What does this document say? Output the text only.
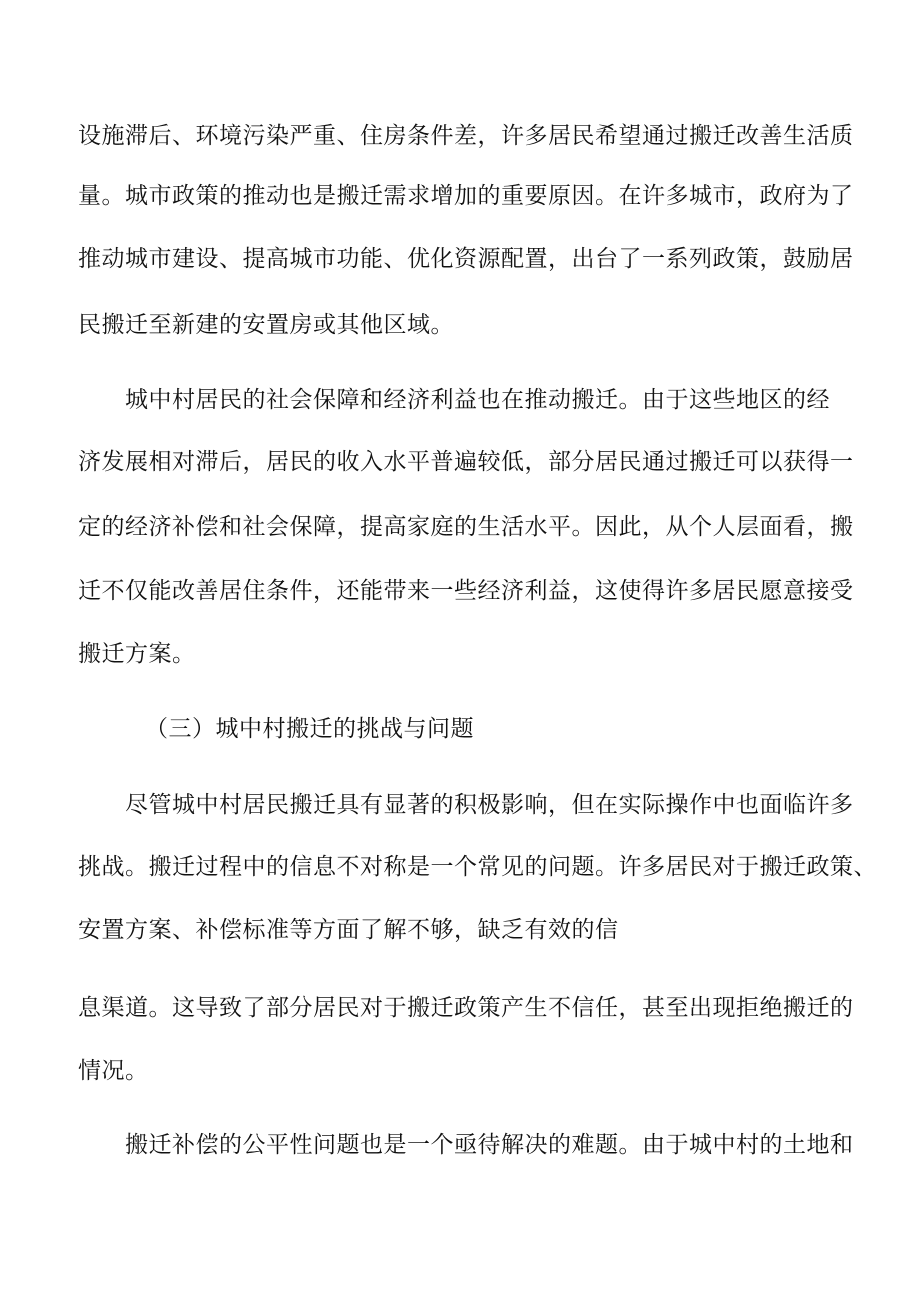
设施滞后、环境污染严重、住房条件差，许多居民希望通过搬迁改善生活质
量。城市政策的推动也是搬迁需求增加的重要原因。在许多城市，政府为了
推动城市建设、提高城市功能、优化资源配置，出台了一系列政策，鼓励居
民搬迁至新建的安置房或其他区域。
城中村居民的社会保障和经济利益也在推动搬迁。由于这些地区的经
济发展相对滞后，居民的收入水平普遍较低，部分居民通过搬迁可以获得一
定的经济补偿和社会保障，提高家庭的生活水平。因此，从个人层面看，搬
迁不仅能改善居住条件，还能带来一些经济利益，这使得许多居民愿意接受
搬迁方案。
（三）城中村搬迁的挑战与问题
尽管城中村居民搬迁具有显著的积极影响，但在实际操作中也面临许多
挑战。搬迁过程中的信息不对称是一个常见的问题。许多居民对于搬迁政策、
安置方案、补偿标准等方面了解不够，缺乏有效的信
息渠道。这导致了部分居民对于搬迁政策产生不信任，甚至出现拒绝搬迁的
情况。
搬迁补偿的公平性问题也是一个亟待解决的难题。由于城中村的土地和
